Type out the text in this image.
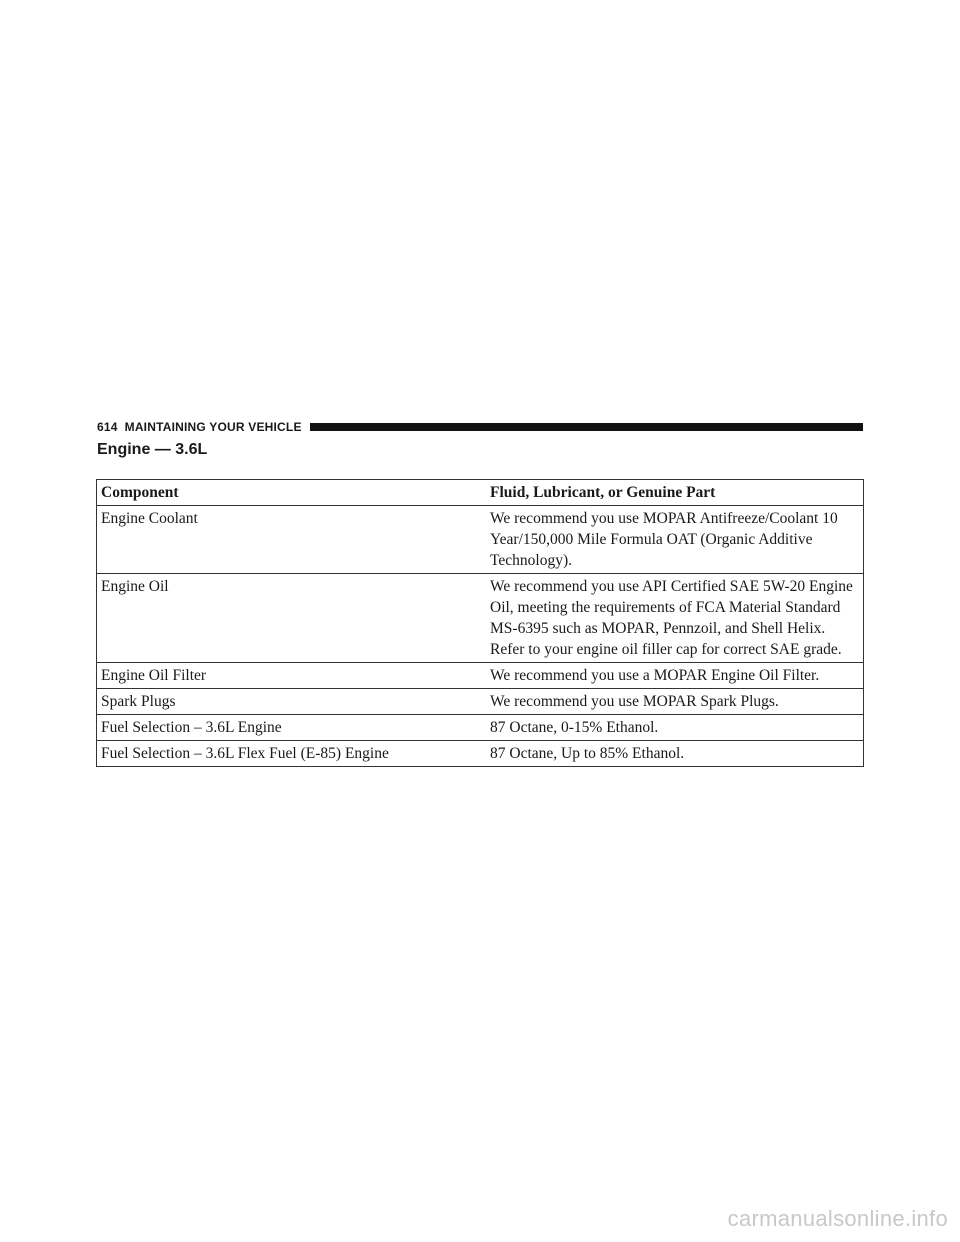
614 MAINTAINING YOUR VEHICLE
Engine — 3.6L
Component	Fluid, Lubricant, or Genuine Part
Engine Coolant	We recommend you use MOPAR Antifreeze/Coolant 10 Year/150,000 Mile Formula OAT (Organic Additive Technology).
Engine Oil	We recommend you use API Certified SAE 5W-20 Engine Oil, meeting the requirements of FCA Material Standard MS-6395 such as MOPAR, Pennzoil, and Shell Helix. Refer to your engine oil filler cap for correct SAE grade.
Engine Oil Filter	We recommend you use a MOPAR Engine Oil Filter.
Spark Plugs	We recommend you use MOPAR Spark Plugs.
Fuel Selection – 3.6L Engine	87 Octane, 0-15% Ethanol.
Fuel Selection – 3.6L Flex Fuel (E-85) Engine	87 Octane, Up to 85% Ethanol.
carmanualsonline.info
